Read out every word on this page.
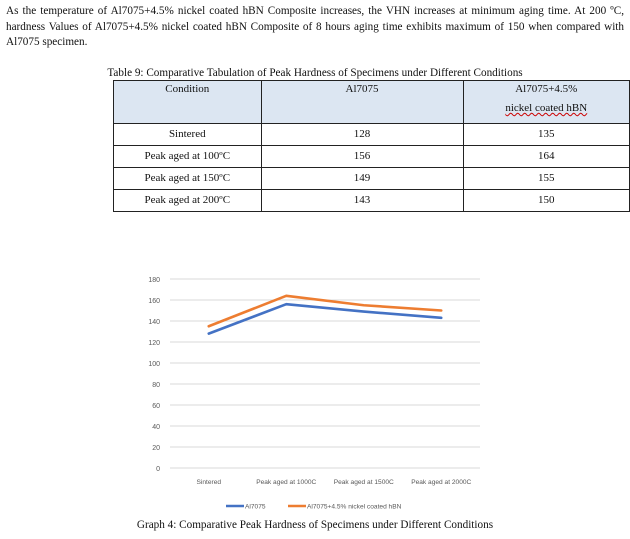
As the temperature of Al7075+4.5% nickel coated hBN Composite increases, the VHN increases at minimum aging time. At 200 ºC, hardness Values of Al7075+4.5% nickel coated hBN Composite of 8 hours aging time exhibits maximum of 150 when compared with Al7075 specimen.

Table 9: Comparative Tabulation of Peak Hardness of Specimens under Different Conditions
Condition	Al7075	Al7075+4.5%
nickel coated hBN

Sintered	128	135
Peak aged at 100ºC	156	164
Peak aged at 150ºC	149	155
Peak aged at 200ºC	143	150
0
20
40
60
80
100
120
140
160
180
Sintered	Peak aged at 1000C	Peak aged at 1500C	Peak aged at 2000C
Al7075	Al7075+4.5% nickel coated hBN
Graph 4: Comparative Peak Hardness of Specimens under Different Conditions
